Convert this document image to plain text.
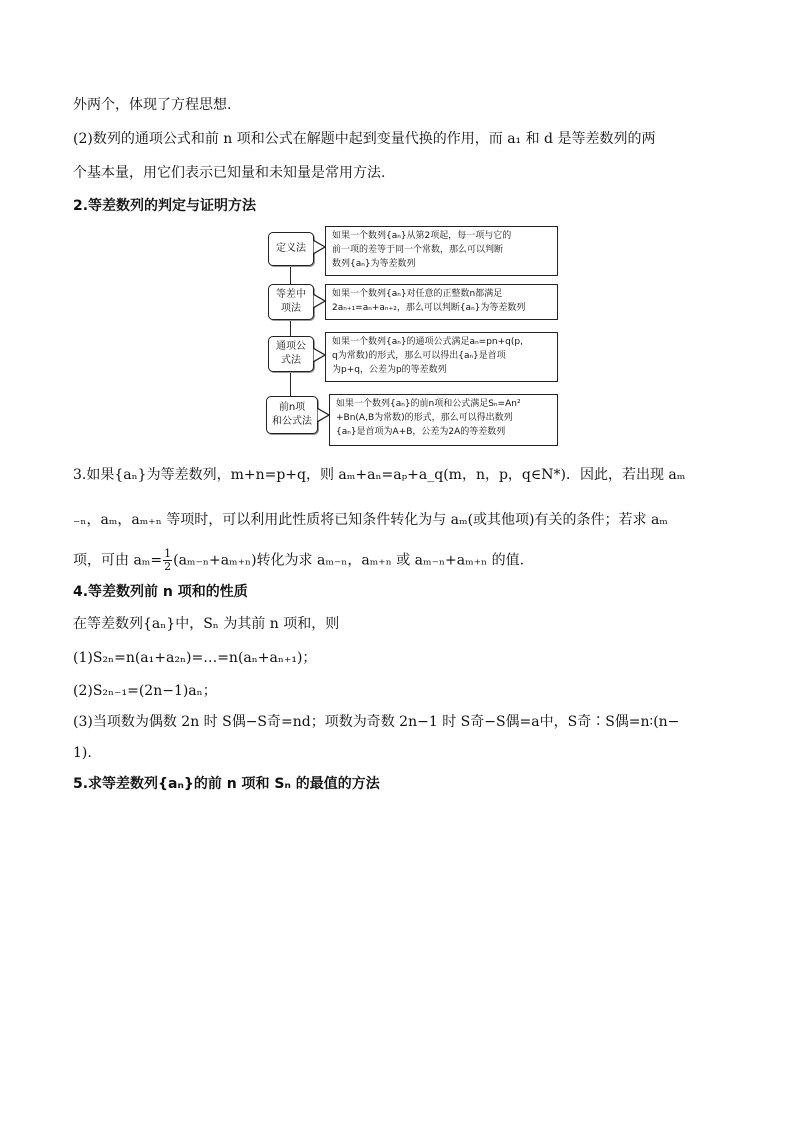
外两个，体现了方程思想.
(2)数列的通项公式和前 n 项和公式在解题中起到变量代换的作用，而 a₁ 和 d 是等差数列的两
个基本量，用它们表示已知量和未知量是常用方法.
2.等差数列的判定与证明方法
定义法
如果一个数列{aₙ}从第2项起，每一项与它的
前一项的差等于同一个常数，那么可以判断
数列{aₙ}为等差数列
等差中
项法
如果一个数列{aₙ}对任意的正整数n都满足
2aₙ₊₁=aₙ+aₙ₊₂，那么可以判断{aₙ}为等差数列
通项公
式法
如果一个数列{aₙ}的通项公式满足aₙ=pn+q(p,
q为常数)的形式，那么可以得出{aₙ}是首项
为p+q，公差为p的等差数列
前n项
和公式法
如果一个数列{aₙ}的前n项和公式满足Sₙ=An²
+Bn(A,B为常数)的形式，那么可以得出数列
{aₙ}是首项为A+B，公差为2A的等差数列
3.如果{aₙ}为等差数列，m+n=p+q，则 aₘ+aₙ=aₚ+a_q(m，n，p，q∈N*)．因此，若出现 aₘ
₋ₙ，aₘ，aₘ₊ₙ 等项时，可以利用此性质将已知条件转化为与 aₘ(或其他项)有关的条件；若求 aₘ
项，可由 $a_m= \frac{1}{2} (a_{m-n}+a_{m+n})$转化为求 aₘ₋ₙ，aₘ₊ₙ 或 aₘ₋ₙ+aₘ₊ₙ 的值.
4.等差数列前 n 项和的性质
在等差数列{aₙ}中，Sₙ 为其前 n 项和，则
(1)S₂ₙ=n(a₁+a₂ₙ)=…=n(aₙ+aₙ₊₁)；
(2)S₂ₙ₋₁=(2n−1)aₙ；
(3)当项数为偶数 2n 时 S偶−S奇=nd；项数为奇数 2n−1 时 S奇−S偶=a中，S奇∶S偶=n∶(n−
1).
5.求等差数列{aₙ}的前 n 项和 Sₙ 的最值的方法
